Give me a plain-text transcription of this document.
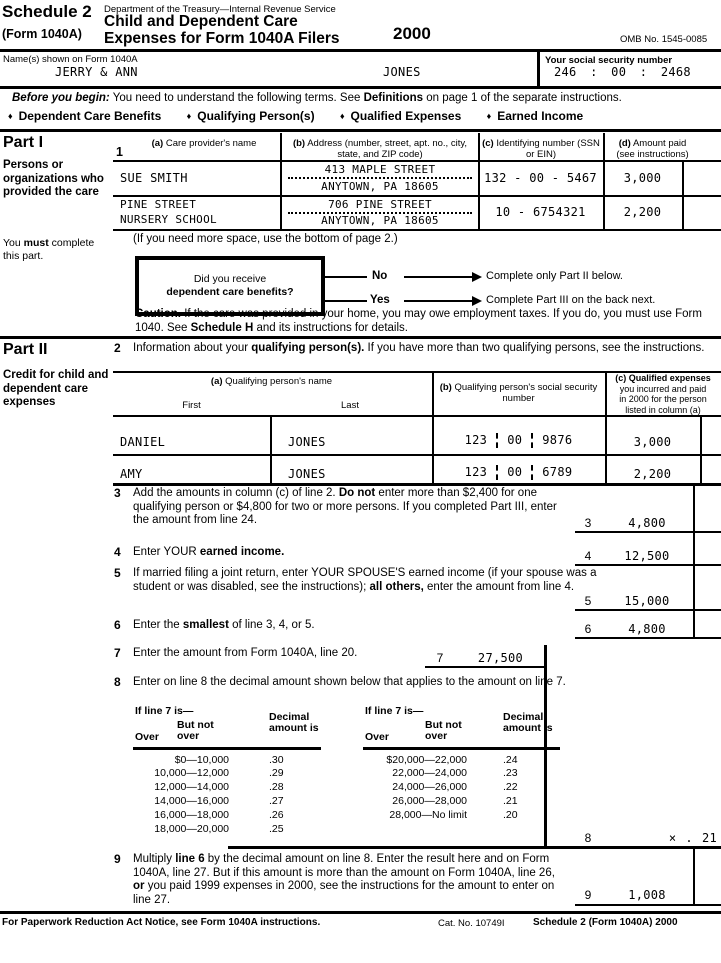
Schedule 2
(Form 1040A)
Department of the Treasury—Internal Revenue Service
Child and Dependent Care
Expenses for Form 1040A Filers	2000	OMB No. 1545-0085
Name(s) shown on Form 1040A
JERRY & ANN	JONES
Your social security number
246 : 00 : 2468
Before you begin: You need to understand the following terms. See Definitions on page 1 of the separate instructions.
♦ Dependent Care Benefits	♦ Qualifying Person(s)	♦ Qualified Expenses	♦ Earned Income
Part I
Persons or organizations who provided the care
You must complete this part.
1
(a) Care provider's name	(b) Address (number, street, apt. no., city, state, and ZIP code)
(c) Identifying number (SSN or EIN)
(d) Amount paid
(see instructions)
SUE SMITH
413 MAPLE STREET
ANYTOWN, PA 18605
132 - 00 - 5467	3,000
PINE STREET
NURSERY SCHOOL
706 PINE STREET
ANYTOWN, PA 18605
10 - 6754321	2,200
(If you need more space, use the bottom of page 2.)
Did you receive
dependent care benefits?
No	Complete only Part II below.
Yes	Complete Part III on the back next.
Caution. If the care was provided in your home, you may owe employment taxes. If you do, you must use Form 1040. See Schedule H and its instructions for details.
Part II
Credit for child and dependent care expenses
2 Information about your qualifying person(s). If you have more than two qualifying persons, see the instructions.
(a) Qualifying person's name
First	Last
(b) Qualifying person's social security number
(c) Qualified expenses
you incurred and paid
in 2000 for the person
listed in column (a)
DANIEL	JONES	123 00 9876	3,000
AMY	JONES	123 00 6789	2,200
3 Add the amounts in column (c) of line 2. Do not enter more than $2,400 for one qualifying person or $4,800 for two or more persons. If you completed Part III, enter the amount from line 24.	3	4,800
4 Enter YOUR earned income.	4	12,500
5 If married filing a joint return, enter YOUR SPOUSE'S earned income (if your spouse was a student or was disabled, see the instructions); all others, enter the amount from line 4.
5	15,000
6 Enter the smallest of line 3, 4, or 5.	6	4,800
7 Enter the amount from Form 1040A, line 20.	7	27,500
8 Enter on line 8 the decimal amount shown below that applies to the amount on line 7.
If line 7 is—
Over
But not over
Decimal amount is
$0—10,000	.30
10,000—12,000	.29
12,000—14,000	.28
14,000—16,000	.27
16,000—18,000	.26
18,000—20,000	.25
If line 7 is—
Over
But not over
Decimal amount is
$20,000—22,000	.24
22,000—24,000	.23
24,000—26,000	.22
26,000—28,000	.21
28,000—No limit	.20
8	× . 21
9 Multiply line 6 by the decimal amount on line 8. Enter the result here and on Form 1040A, line 27. But if this amount is more than the amount on Form 1040A, line 26, or you paid 1999 expenses in 2000, see the instructions for the amount to enter on line 27.	9	1,008
For Paperwork Reduction Act Notice, see Form 1040A instructions.	Cat. No. 10749I	Schedule 2 (Form 1040A) 2000
